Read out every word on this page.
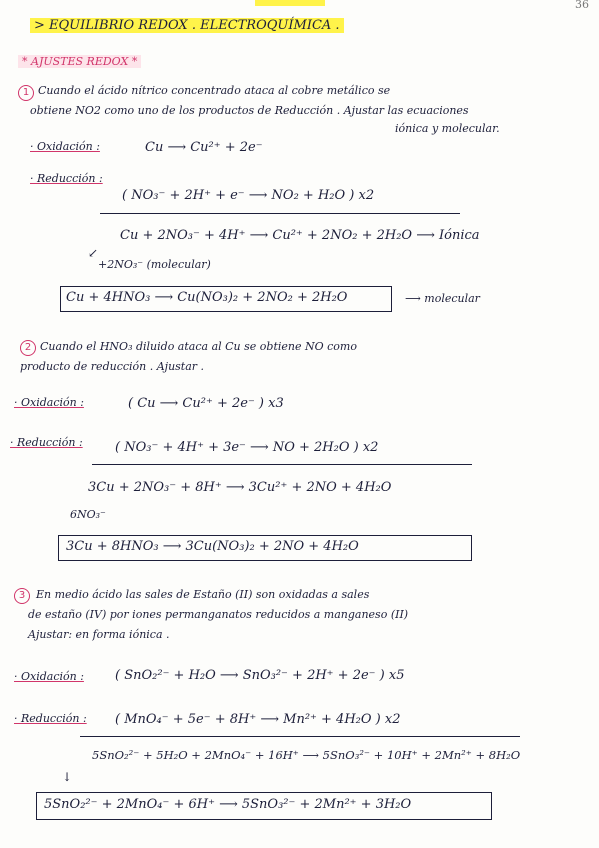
36
> EQUILIBRIO REDOX . ELECTROQUÍMICA .
* AJUSTES REDOX *
1 Cuando el ácido nítrico concentrado ataca al cobre metálico se
obtiene NO2 como uno de los productos de Reducción . Ajustar las ecuaciones
iónica y molecular.
· Oxidación :	Cu ⟶ Cu²⁺ + 2e⁻
· Reducción :
( NO₃⁻ + 2H⁺ + e⁻ ⟶ NO₂ + H₂O ) x2
Cu + 2NO₃⁻ + 4H⁺ ⟶ Cu²⁺ + 2NO₂ + 2H₂O ⟶ Iónica
↙
+2NO₃⁻ (molecular)
Cu + 4HNO₃ ⟶ Cu(NO₃)₂ + 2NO₂ + 2H₂O	⟶ molecular
2 Cuando el HNO₃ diluido ataca al Cu se obtiene NO como
producto de reducción . Ajustar .
· Oxidación :	( Cu ⟶ Cu²⁺ + 2e⁻ ) x3
· Reducción : ( NO₃⁻ + 4H⁺ + 3e⁻ ⟶ NO + 2H₂O ) x2
3Cu + 2NO₃⁻ + 8H⁺ ⟶ 3Cu²⁺ + 2NO + 4H₂O
6NO₃⁻
3Cu + 8HNO₃ ⟶ 3Cu(NO₃)₂ + 2NO + 4H₂O
3 En medio ácido las sales de Estaño (II) son oxidadas a sales
de estaño (IV) por iones permanganatos reducidos a manganeso (II)
Ajustar: en forma iónica .
· Oxidación : ( SnO₂²⁻ + H₂O ⟶ SnO₃²⁻ + 2H⁺ + 2e⁻ ) x5
· Reducción : ( MnO₄⁻ + 5e⁻ + 8H⁺ ⟶ Mn²⁺ + 4H₂O ) x2
5SnO₂²⁻ + 5H₂O + 2MnO₄⁻ + 16H⁺ ⟶ 5SnO₃²⁻ + 10H⁺ + 2Mn²⁺ + 8H₂O
↓
5SnO₂²⁻ + 2MnO₄⁻ + 6H⁺ ⟶ 5SnO₃²⁻ + 2Mn²⁺ + 3H₂O
